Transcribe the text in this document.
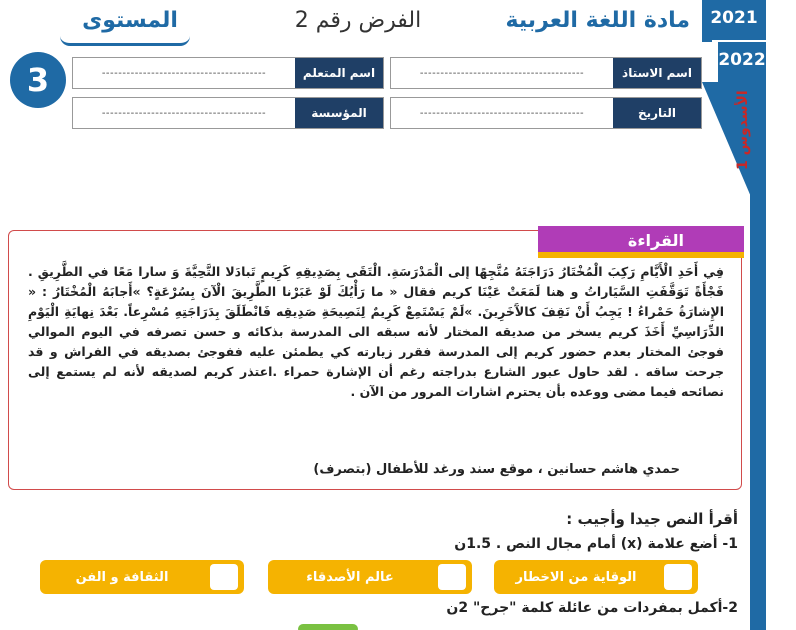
2021
2022
الأسدوس 1
مادة اللغة العربية
الفرض رقم 2
المستوى
3	اسم الاستاذ
----------------------------------------
اسم المتعلم
----------------------------------------
التاريخ
----------------------------------------
المؤسسة
----------------------------------------
القراءة
فِي أَحَدِ الْأَيَّامِ رَكِبَ الْمُخْتَارُ دَرَاجَتَهُ مُتَّجِهًا إلى الْمَدْرَسَةِ. الْتَقَى بِصَدِيقِهِ كَرِيمٍ تَبادَلا التَّحِيَّةَ وَ سارا مَعًا في الطَّرِيقِ . فَجْأَةً تَوَقَّفَتِ السَّيَاراتُ و هنا لَمَعَتْ عَيْنَا كريم فقال « ما رَأْيُكَ لَوْ عَبَرْنا الطَّرِيقَ الْآنَ بِسُرْعَةٍ؟ »أَجابَهُ الْمُخْتَارُ : « الإِشارَةُ حَمْراءُ ! يَجِبُ أَنْ نَقِفَ كالآَخَرِينَ. »لَمْ يَسْتَمِعْ كَرِيمٌ لِنَصِيحَةِ صَدِيقِه فَانْطَلَقَ بِدَرَاجَتِهِ مُسْرِعاً. بَعْدَ نِهايَةِ الْيَوْمِ الدِّرَاسِيِّ أَخَذَ كريم يسخر من صديقه المختار لأنه سبقه الى المدرسة بذكائه و حسن تصرفه في اليوم الموالي فوجئ المختار بعدم حضور كريم إلى المدرسة فقرر زيارته كي يطمئن عليه ففوجئ بصديقه في الفراش و قد جرحت ساقه . لقد حاول عبور الشارع بدراجته رغم أن الإشارة حمراء .اعتذر كريم لصديقه لأنه لم يستمع إلى نصائحه فيما مضى ووعده بأن يحترم اشارات المرور من الآن .
حمدي هاشم حسانين ، موقع سند ورغد للأطفال (بتصرف)
أقرأ النص جيدا وأجيب :
1- أضع علامة (x) أمام مجال النص . 1.5ن
الوقاية من الاخطار
عالم الأصدقاء
الثقافة و الفن
2-أكمل بمفردات من عائلة كلمة "جرح" 2ن
